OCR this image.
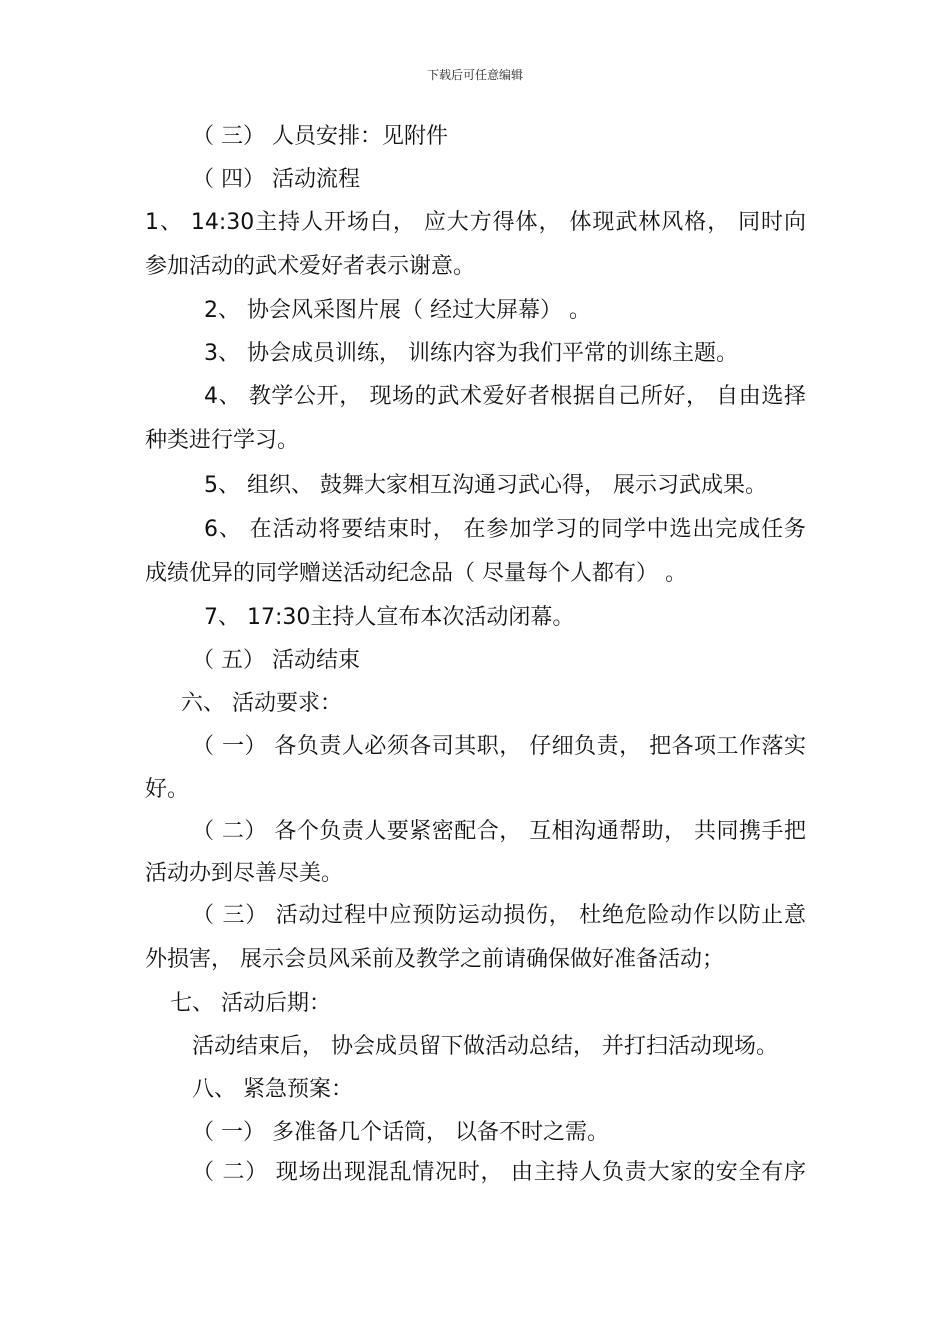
下载后可任意编辑
（ 三） 人员安排：见附件
（ 四） 活动流程
1、 14:30主持人开场白， 应大方得体， 体现武林风格， 同时向
参加活动的武术爱好者表示谢意。
2、 协会风采图片展（ 经过大屏幕） 。
3、 协会成员训练， 训练内容为我们平常的训练主题。
4、 教学公开， 现场的武术爱好者根据自己所好， 自由选择
种类进行学习。
5、 组织、 鼓舞大家相互沟通习武心得， 展示习武成果。
6、 在活动将要结束时， 在参加学习的同学中选出完成任务
成绩优异的同学赠送活动纪念品（ 尽量每个人都有） 。
7、 17:30主持人宣布本次活动闭幕。
（ 五） 活动结束
六、 活动要求：
（ 一） 各负责人必须各司其职， 仔细负责， 把各项工作落实
好。
（ 二） 各个负责人要紧密配合， 互相沟通帮助， 共同携手把
活动办到尽善尽美。
（ 三） 活动过程中应预防运动损伤， 杜绝危险动作以防止意
外损害， 展示会员风采前及教学之前请确保做好准备活动；
七、 活动后期：
活动结束后， 协会成员留下做活动总结， 并打扫活动现场。
八、 紧急预案：
（ 一） 多准备几个话筒， 以备不时之需。
（ 二） 现场出现混乱情况时， 由主持人负责大家的安全有序
